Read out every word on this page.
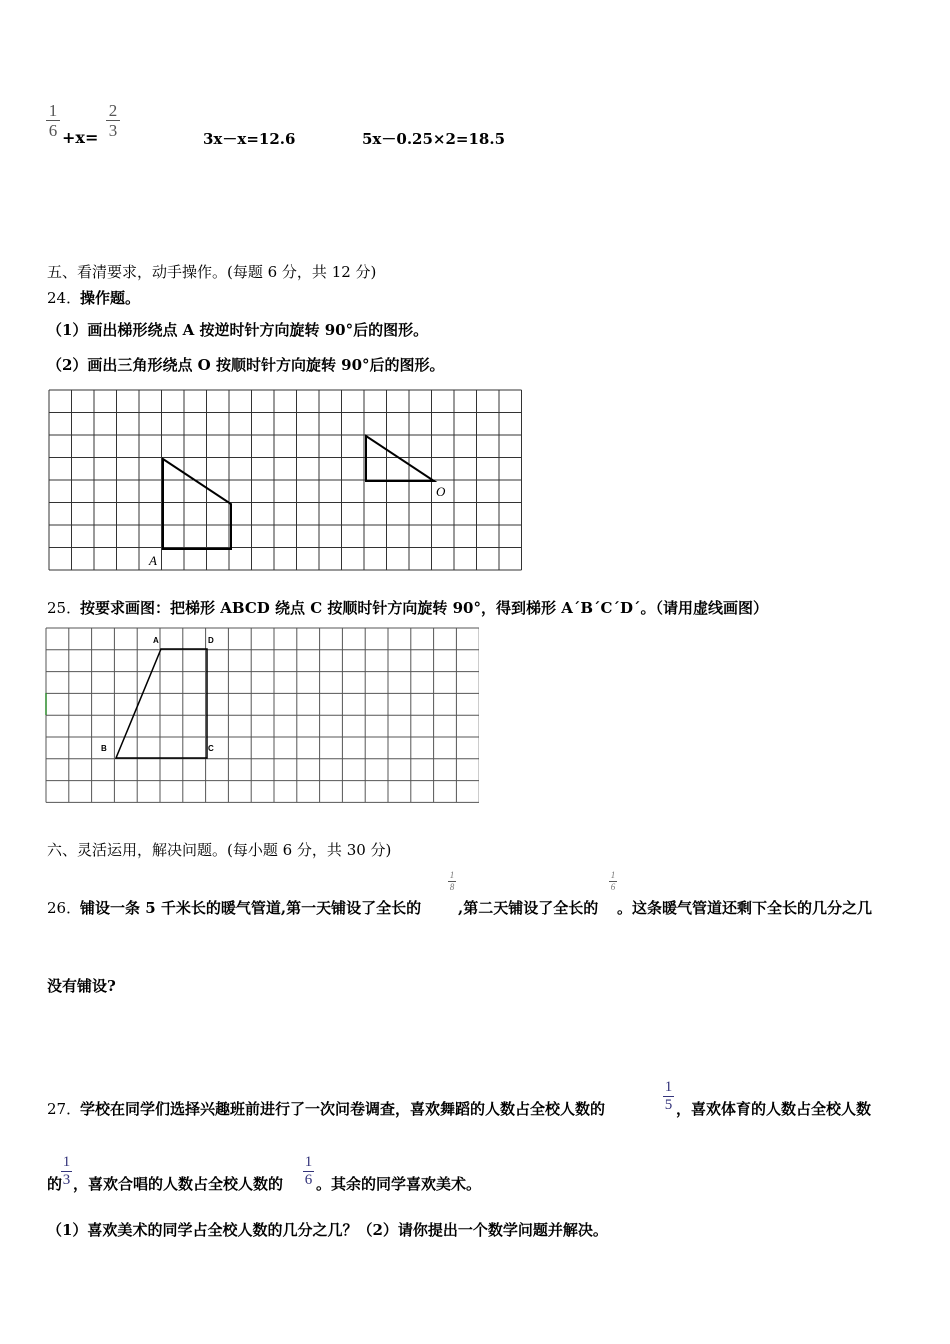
1
6 +x=
2
3	3x－x=12.6	5x－0.25×2=18.5
五、看清要求，动手操作。(每题 6 分，共 12 分)
24．
操作题。
（1）画出梯形绕点 A 按逆时针方向旋转 90°后的图形。
（2）画出三角形绕点 O 按顺时针方向旋转 90°后的图形。
A
O
25．
按要求画图：把梯形 ABCD 绕点 C 按顺时针方向旋转 90°，得到梯形 A´B´C´D´。（请用虚线画图）
A	D
B	C
六、灵活运用，解决问题。(每小题 6 分，共 30 分)
26．
铺设一条 5 千米长的暖气管道,第一天铺设了全长的
1
8
,第二天铺设了全长的
1
6
。这条暖气管道还剩下全长的几分之几
没有铺设?
27．
学校在同学们选择兴趣班前进行了一次问卷调查，喜欢舞蹈的人数占全校人数的
1
5 ，喜欢体育的人数占全校人数
的
1
3 ，喜欢合唱的人数占全校人数的
1
6 。其余的同学喜欢美术。
（1）喜欢美术的同学占全校人数的几分之几？（2）请你提出一个数学问题并解决。
